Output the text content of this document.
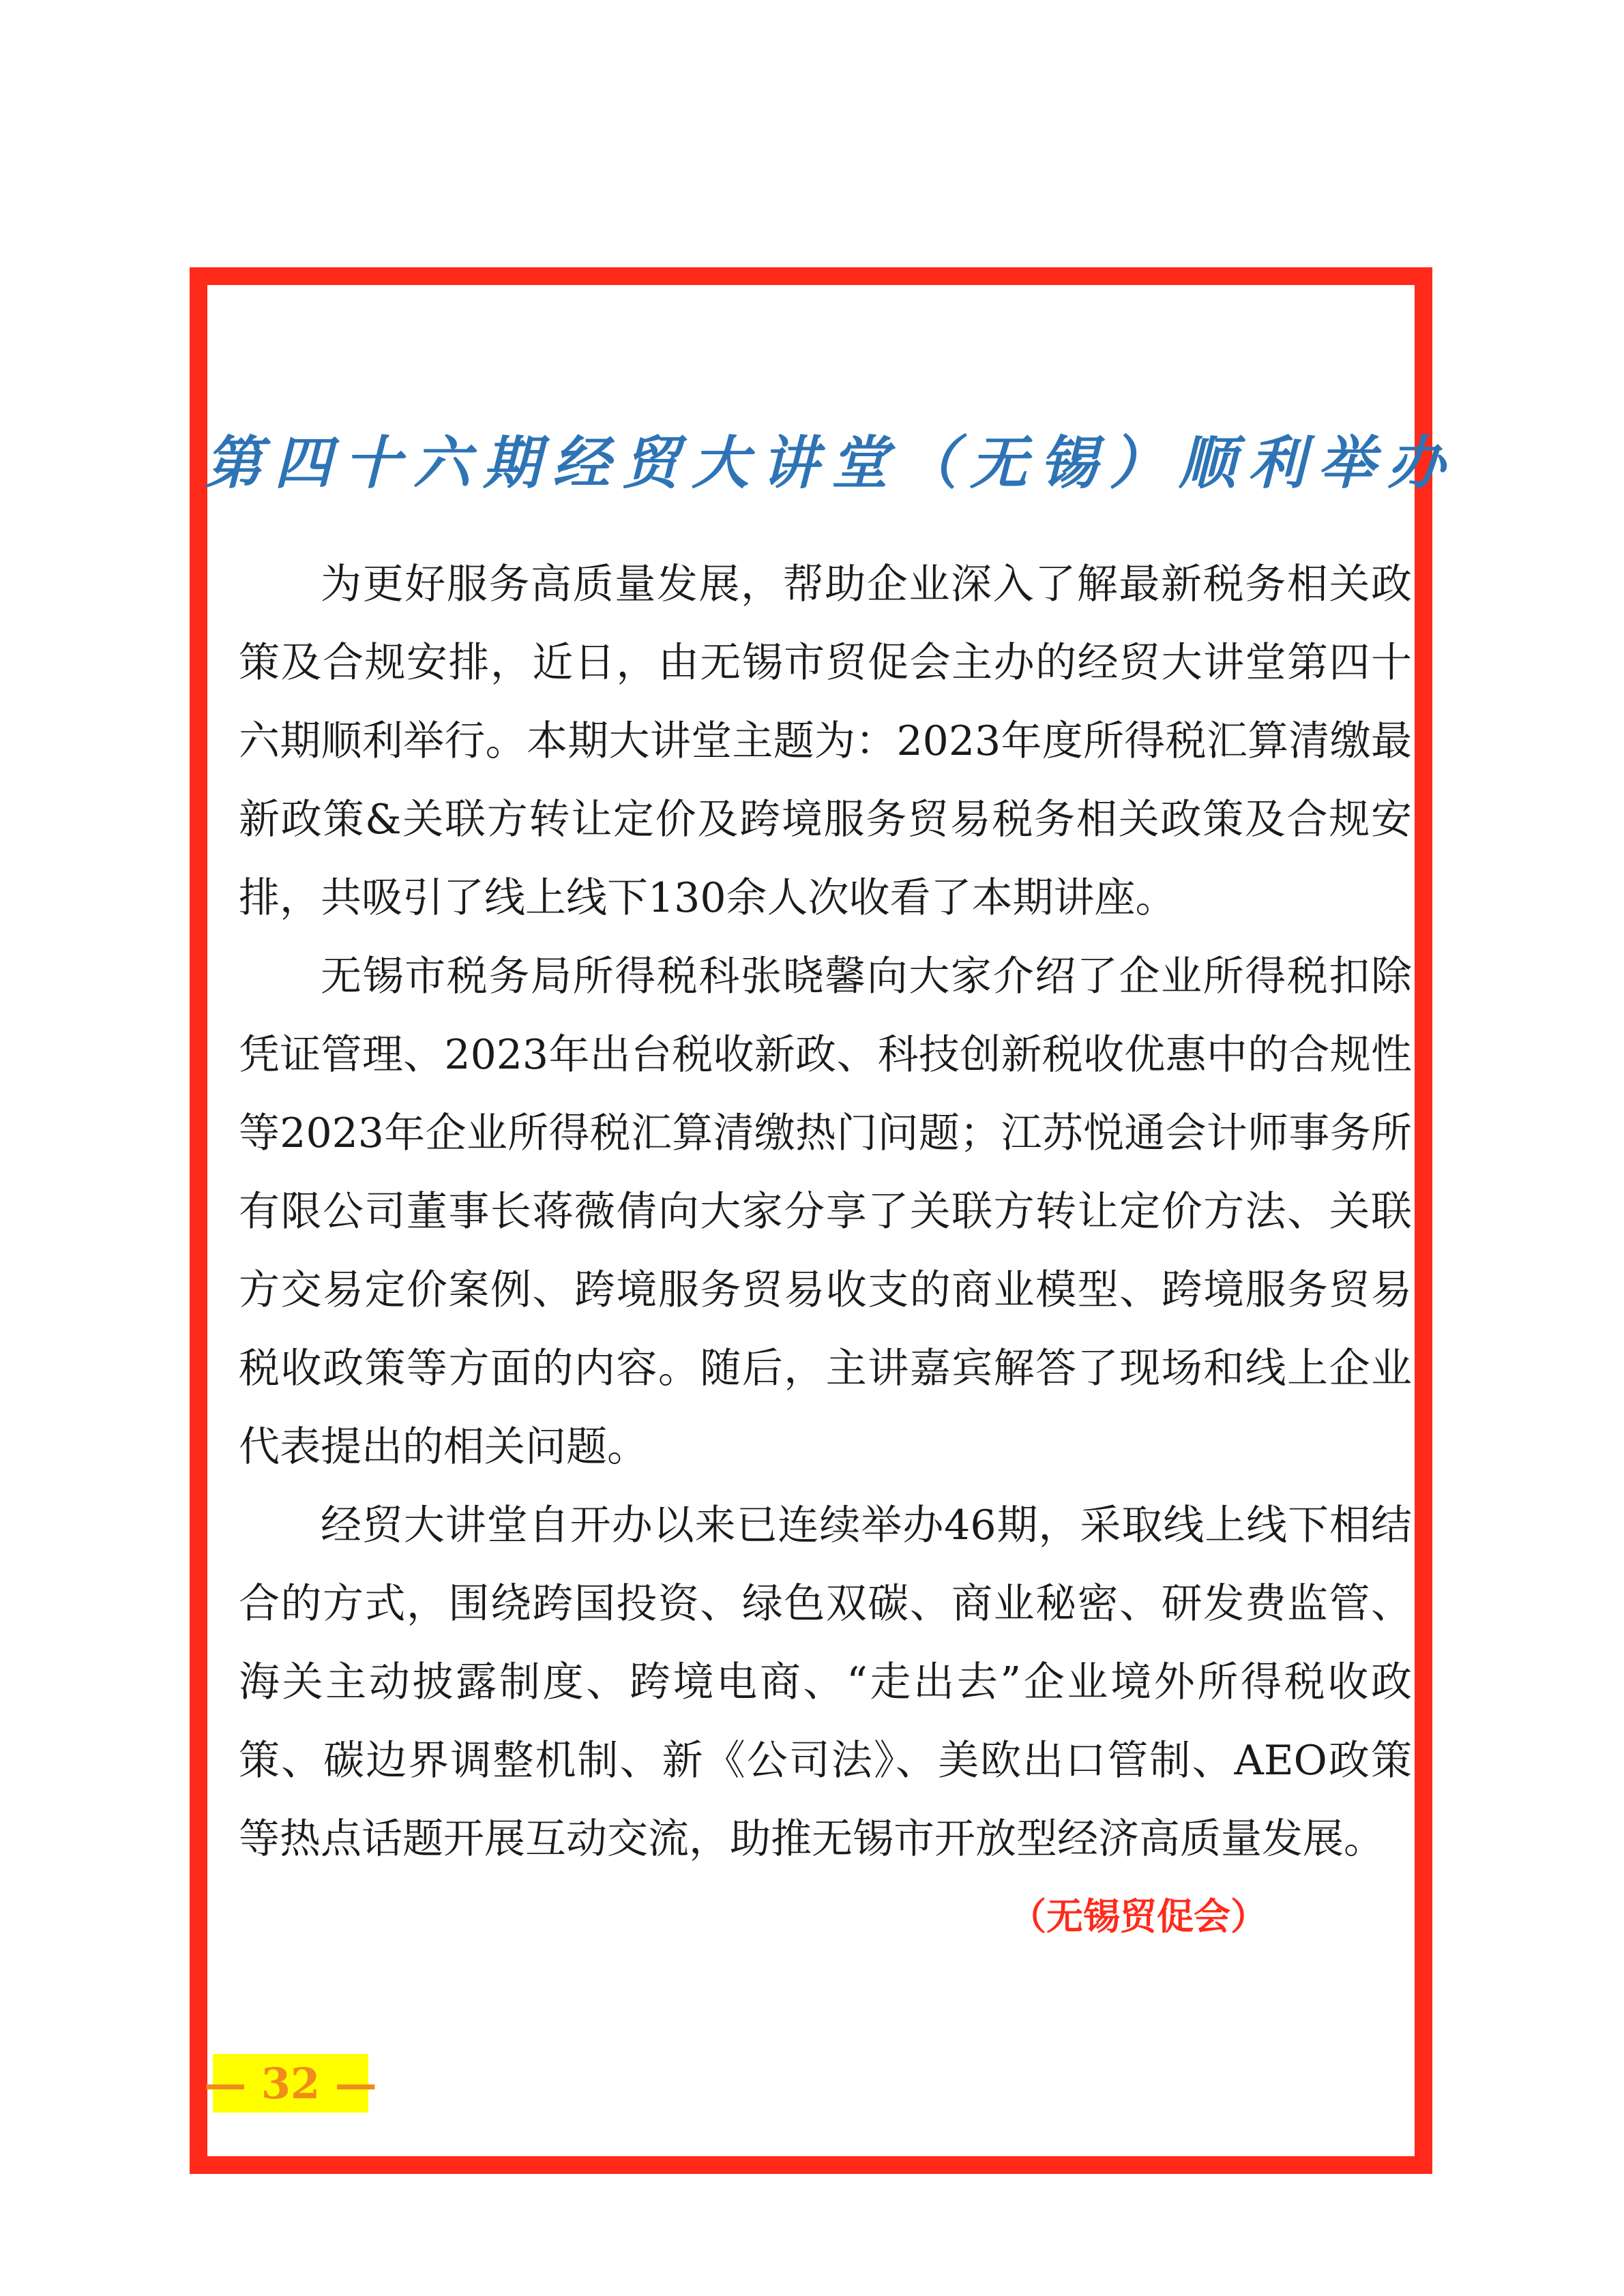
第四十六期经贸大讲堂（无锡）顺利举办

为更好服务高质量发展，帮助企业深入了解最新税务相关政策及合规安排，近日，由无锡市贸促会主办的经贸大讲堂第四十六期顺利举行。本期大讲堂主题为：2023年度所得税汇算清缴最新政策&关联方转让定价及跨境服务贸易税务相关政策及合规安排，共吸引了线上线下130余人次收看了本期讲座。

无锡市税务局所得税科张晓馨向大家介绍了企业所得税扣除凭证管理、2023年出台税收新政、科技创新税收优惠中的合规性等2023年企业所得税汇算清缴热门问题；江苏悦通会计师事务所有限公司董事长蒋薇倩向大家分享了关联方转让定价方法、关联方交易定价案例、跨境服务贸易收支的商业模型、跨境服务贸易税收政策等方面的内容。随后，主讲嘉宾解答了现场和线上企业代表提出的相关问题。

经贸大讲堂自开办以来已连续举办46期，采取线上线下相结合的方式，围绕跨国投资、绿色双碳、商业秘密、研发费监管、海关主动披露制度、跨境电商、“走出去”企业境外所得税收政策、碳边界调整机制、新《公司法》、美欧出口管制、AEO政策等热点话题开展互动交流，助推无锡市开放型经济高质量发展。

（无锡贸促会）
— 32 —
